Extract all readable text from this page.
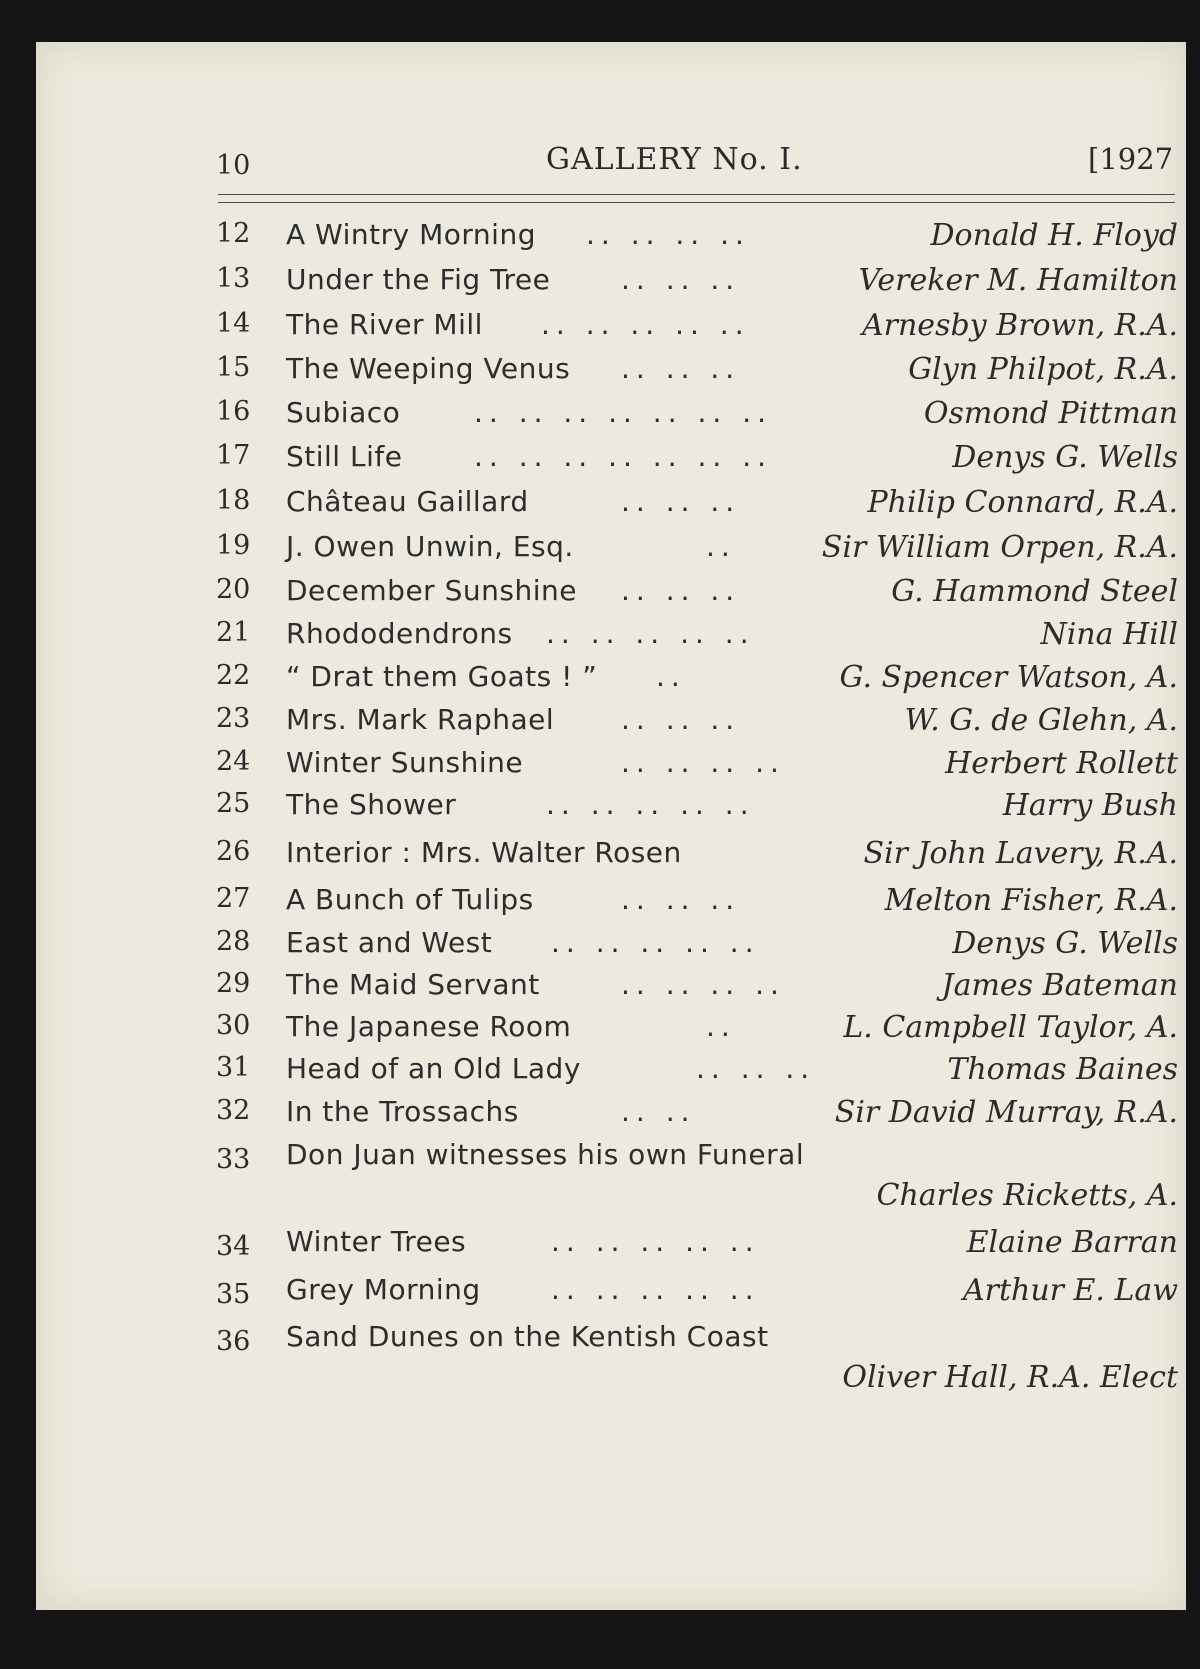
10	GALLERY No. I.	[1927
12 A Wintry Morning .. .. .. ..	Donald H. Floyd
13 Under the Fig Tree	.. .. ..	Vereker M. Hamilton
14 The River Mill .. .. .. .. ..	Arnesby Brown, R.A.
15 The Weeping Venus .. .. ..	Glyn Philpot, R.A.
16 Subiaco	.. .. .. .. .. .. ..	Osmond Pittman
17 Still Life	.. .. .. .. .. .. ..	Denys G. Wells
18 Château Gaillard	.. .. ..	Philip Connard, R.A.
19 J. Owen Unwin, Esq.	..	Sir William Orpen, R.A.
20 December Sunshine .. .. ..	G. Hammond Steel
21 Rhododendrons .. .. .. .. ..	Nina Hill
22 “ Drat them Goats ! ” ..	G. Spencer Watson, A.
23 Mrs. Mark Raphael .. .. ..	W. G. de Glehn, A.
24 Winter Sunshine	.. .. .. ..	Herbert Rollett
25 The Shower	.. .. .. .. ..	Harry Bush
26 Interior : Mrs. Walter Rosen	Sir John Lavery, R.A.
27 A Bunch of Tulips	.. .. ..	Melton Fisher, R.A.
28 East and West .. .. .. .. ..	Denys G. Wells
29 The Maid Servant	.. .. .. ..	James Bateman
30 The Japanese Room	..	L. Campbell Taylor, A.
31 Head of an Old Lady	.. .. ..	Thomas Baines
32 In the Trossachs	.. ..	Sir David Murray, R.A.
33 Don Juan witnesses his own Funeral
Charles Ricketts, A.
34 Winter Trees	.. .. .. .. ..	Elaine Barran
35 Grey Morning	.. .. .. .. ..	Arthur E. Law
36 Sand Dunes on the Kentish Coast
Oliver Hall, R.A. Elect
